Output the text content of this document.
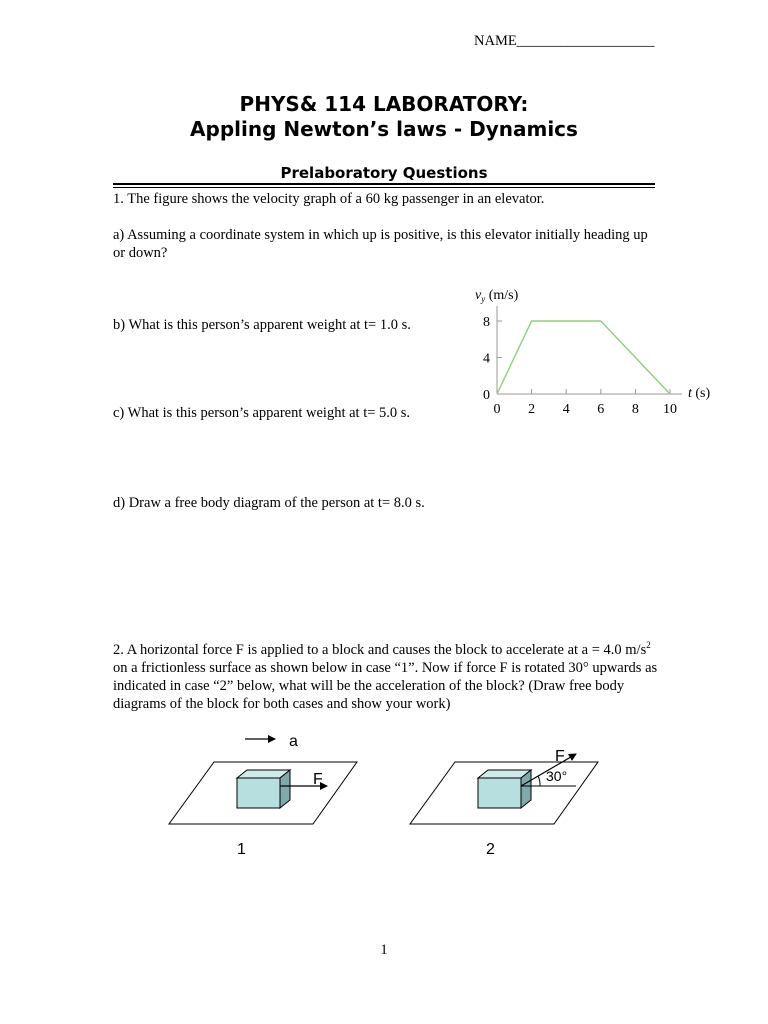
NAME___________________
PHYS& 114 LABORATORY:
Appling Newton’s laws - Dynamics
Prelaboratory Questions
1. The figure shows the velocity graph of a 60 kg passenger in an elevator.
a) Assuming a coordinate system in which up is positive, is this elevator initially heading up or down?
b) What is this person’s apparent weight at t= 1.0 s.
c) What is this person’s apparent weight at t= 5.0 s.
d) Draw a free body diagram of the person at t= 8.0 s.
$v_y$ (m/s)
0 2 4 6 8 10
0
4
8
t (s)
2. A horizontal force F is applied to a block and causes the block to accelerate at a = 4.0 $m/s^2$ on a frictionless surface as shown below in case “1”. Now if force F is rotated 30° upwards as indicated in case “2” below, what will be the acceleration of the block? (Draw free body diagrams of the block for both cases and show your work)
a
F
1
F
30°
2
1
